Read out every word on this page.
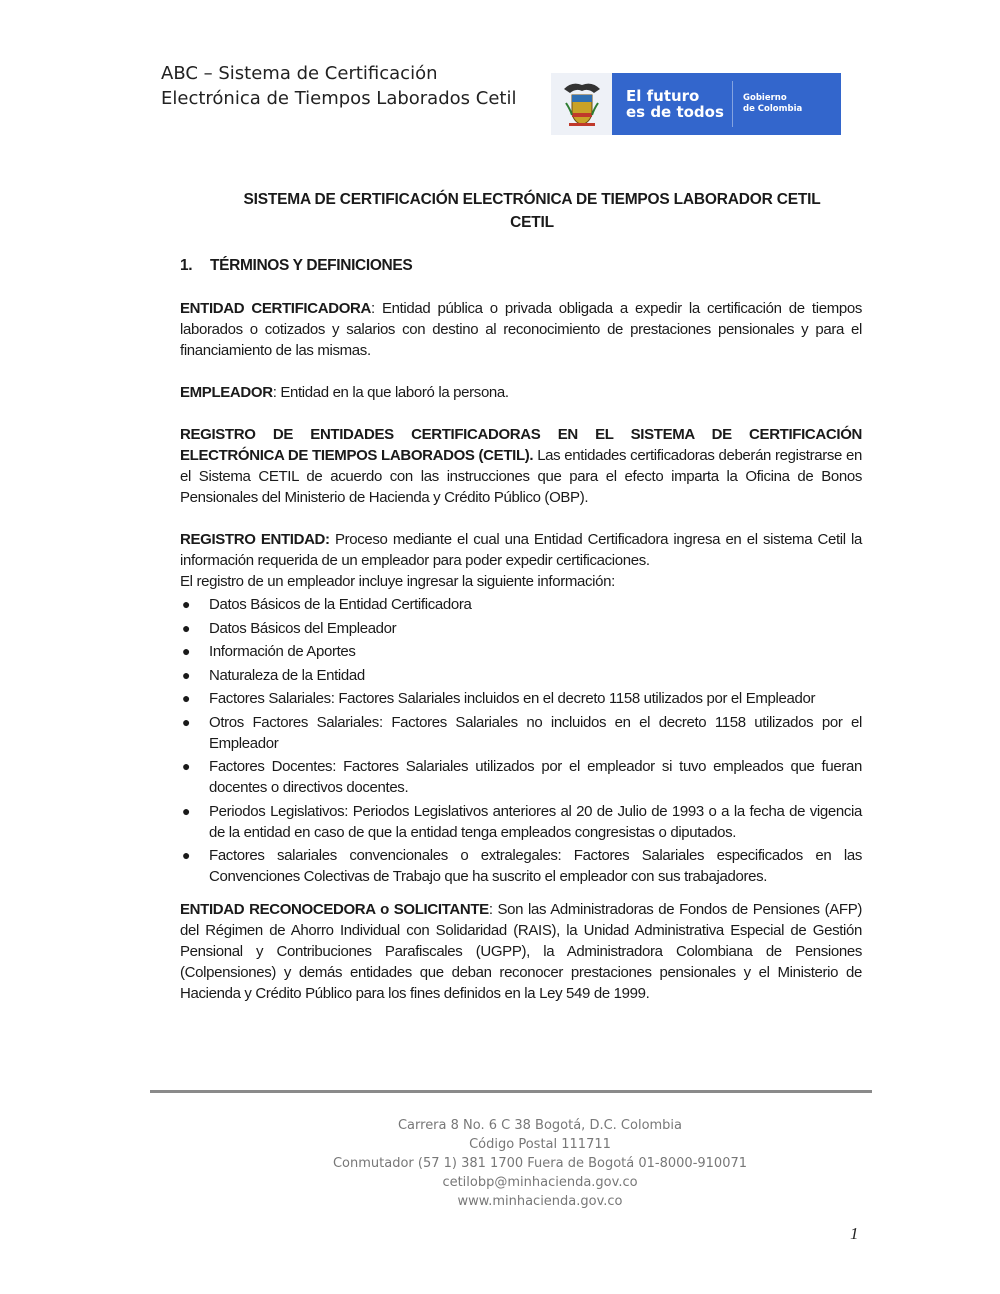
ABC – Sistema de Certificación
Electrónica de Tiempos Laborados Cetil	El futuro
es de todos
Gobierno
de Colombia
SISTEMA DE CERTIFICACIÓN ELECTRÓNICA DE TIEMPOS LABORADOR CETIL
CETIL
1. TÉRMINOS Y DEFINICIONES

ENTIDAD CERTIFICADORA: Entidad pública o privada obligada a expedir la certificación de tiempos laborados o cotizados y salarios con destino al reconocimiento de prestaciones pensionales y para el financiamiento de las mismas.

EMPLEADOR: Entidad en la que laboró la persona.

REGISTRO DE ENTIDADES CERTIFICADORAS EN EL SISTEMA DE CERTIFICACIÓN ELECTRÓNICA DE TIEMPOS LABORADOS (CETIL). Las entidades certificadoras deberán registrarse en el Sistema CETIL de acuerdo con las instrucciones que para el efecto imparta la Oficina de Bonos Pensionales del Ministerio de Hacienda y Crédito Público (OBP).

REGISTRO ENTIDAD: Proceso mediante el cual una Entidad Certificadora ingresa en el sistema Cetil la información requerida de un empleador para poder expedir certificaciones.

El registro de un empleador incluye ingresar la siguiente información:

● Datos Básicos de la Entidad Certificadora
● Datos Básicos del Empleador
● Información de Aportes
● Naturaleza de la Entidad
● Factores Salariales: Factores Salariales incluidos en el decreto 1158 utilizados por el Empleador
● Otros Factores Salariales: Factores Salariales no incluidos en el decreto 1158 utilizados por el Empleador
● Factores Docentes: Factores Salariales utilizados por el empleador si tuvo empleados que fueran docentes o directivos docentes.
● Periodos Legislativos: Periodos Legislativos anteriores al 20 de Julio de 1993 o a la fecha de vigencia de la entidad en caso de que la entidad tenga empleados congresistas o diputados.
● Factores salariales convencionales o extralegales: Factores Salariales especificados en las Convenciones Colectivas de Trabajo que ha suscrito el empleador con sus trabajadores.

ENTIDAD RECONOCEDORA o SOLICITANTE: Son las Administradoras de Fondos de Pensiones (AFP) del Régimen de Ahorro Individual con Solidaridad (RAIS), la Unidad Administrativa Especial de Gestión Pensional y Contribuciones Parafiscales (UGPP), la Administradora Colombiana de Pensiones (Colpensiones) y demás entidades que deban reconocer prestaciones pensionales y el Ministerio de Hacienda y Crédito Público para los fines definidos en la Ley 549 de 1999.

Carrera 8 No. 6 C 38 Bogotá, D.C. Colombia
Código Postal 111711
Conmutador (57 1) 381 1700 Fuera de Bogotá 01-8000-910071
cetilobp@minhacienda.gov.co
www.minhacienda.gov.co
1
